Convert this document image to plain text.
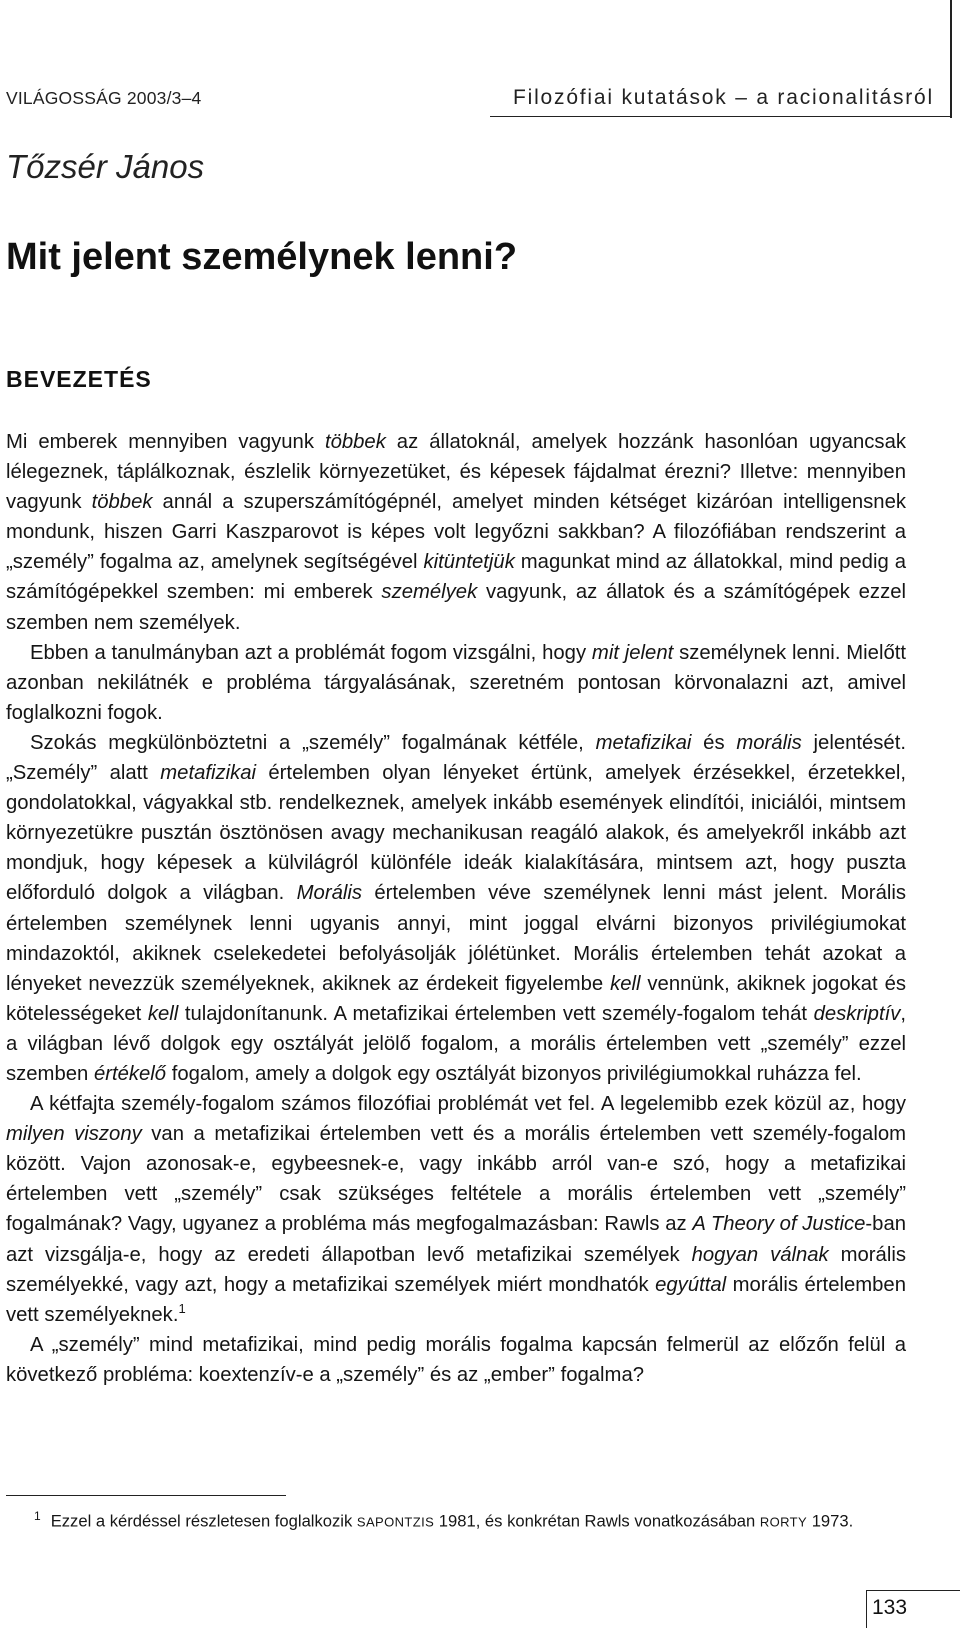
VILÁGOSSÁG 2003/3–4	Filozófiai kutatások – a racionalitásról
Tőzsér János
Mit jelent személynek lenni?
BEVEZETÉS

Mi emberek mennyiben vagyunk többek az állatoknál, amelyek hozzánk hasonlóan ugyancsak lélegeznek, táplálkoznak, észlelik környezetüket, és képesek fájdalmat érezni? Illetve: mennyiben vagyunk többek annál a szuperszámítógépnél, amelyet minden kétséget kizáróan intelligensnek mondunk, hiszen Garri Kaszparovot is képes volt legyőzni sakkban? A filozófiában rendszerint a „személy” fogalma az, amelynek segítségével kitüntetjük magunkat mind az állatokkal, mind pedig a számítógépekkel szemben: mi emberek személyek vagyunk, az állatok és a számítógépek ezzel szemben nem személyek.

Ebben a tanulmányban azt a problémát fogom vizsgálni, hogy mit jelent személynek lenni. Mielőtt azonban nekilátnék e probléma tárgyalásának, szeretném pontosan körvonalazni azt, amivel foglalkozni fogok.

Szokás megkülönböztetni a „személy” fogalmának kétféle, metafizikai és morális jelentését. „Személy” alatt metafizikai értelemben olyan lényeket értünk, amelyek érzésekkel, érzetekkel, gondolatokkal, vágyakkal stb. rendelkeznek, amelyek inkább események elindítói, iniciálói, mintsem környezetükre pusztán ösztönösen avagy mechanikusan reagáló alakok, és amelyekről inkább azt mondjuk, hogy képesek a külvilágról különféle ideák kialakítására, mintsem azt, hogy puszta előforduló dolgok a világban. Morális értelemben véve személynek lenni mást jelent. Morális értelemben személynek lenni ugyanis annyi, mint joggal elvárni bizonyos privilégiumokat mindazoktól, akiknek cselekedetei befolyásolják jólétünket. Morális értelemben tehát azokat a lényeket nevezzük személyeknek, akiknek az érdekeit figyelembe kell vennünk, akiknek jogokat és kötelességeket kell tulajdonítanunk. A metafizikai értelemben vett személy-fogalom tehát deskriptív, a világban lévő dolgok egy osztályát jelölő fogalom, a morális értelemben vett „személy” ezzel szemben értékelő fogalom, amely a dolgok egy osztályát bizonyos privilégiumokkal ruházza fel.

A kétfajta személy-fogalom számos filozófiai problémát vet fel. A legelemibb ezek közül az, hogy milyen viszony van a metafizikai értelemben vett és a morális értelemben vett személy-fogalom között. Vajon azonosak-e, egybeesnek-e, vagy inkább arról van-e szó, hogy a metafizikai értelemben vett „személy” csak szükséges feltétele a morális értelemben vett „személy” fogalmának? Vagy, ugyanez a probléma más megfogalmazásban: Rawls az A Theory of Justice-ban azt vizsgálja-e, hogy az eredeti állapotban levő metafizikai személyek hogyan válnak morális személyekké, vagy azt, hogy a metafizikai személyek miért mondhatók egyúttal morális értelemben vett személyeknek.$^1$

A „személy” mind metafizikai, mind pedig morális fogalma kapcsán felmerül az előzőn felül a következő probléma: koextenzív-e a „személy” és az „ember” fogalma?

$^1$ Ezzel a kérdéssel részletesen foglalkozik SAPONTZIS 1981, és konkrétan Rawls vonatkozásában RORTY 1973.
133
